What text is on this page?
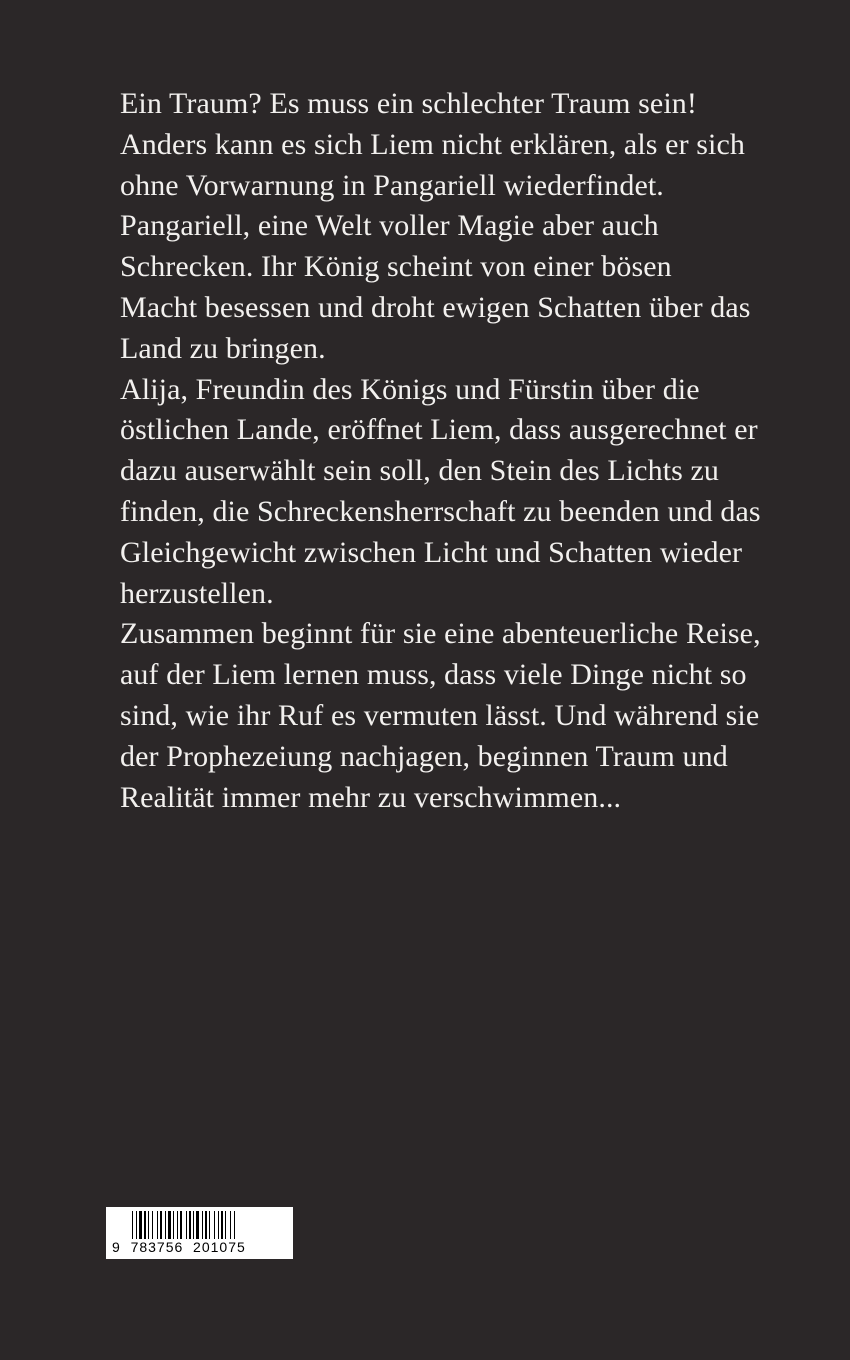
Ein Traum? Es muss ein schlechter Traum sein!
Anders kann es sich Liem nicht erklären, als er sich
ohne Vorwarnung in Pangariell wiederfindet.
Pangariell, eine Welt voller Magie aber auch
Schrecken. Ihr König scheint von einer bösen
Macht besessen und droht ewigen Schatten über das
Land zu bringen.
Alija, Freundin des Königs und Fürstin über die
östlichen Lande, eröffnet Liem, dass ausgerechnet er
dazu auserwählt sein soll, den Stein des Lichts zu
finden, die Schreckensherrschaft zu beenden und das
Gleichgewicht zwischen Licht und Schatten wieder
herzustellen.
Zusammen beginnt für sie eine abenteuerliche Reise,
auf der Liem lernen muss, dass viele Dinge nicht so
sind, wie ihr Ruf es vermuten lässt. Und während sie
der Prophezeiung nachjagen, beginnen Traum und
Realität immer mehr zu verschwimmen...
9  783756  201075
